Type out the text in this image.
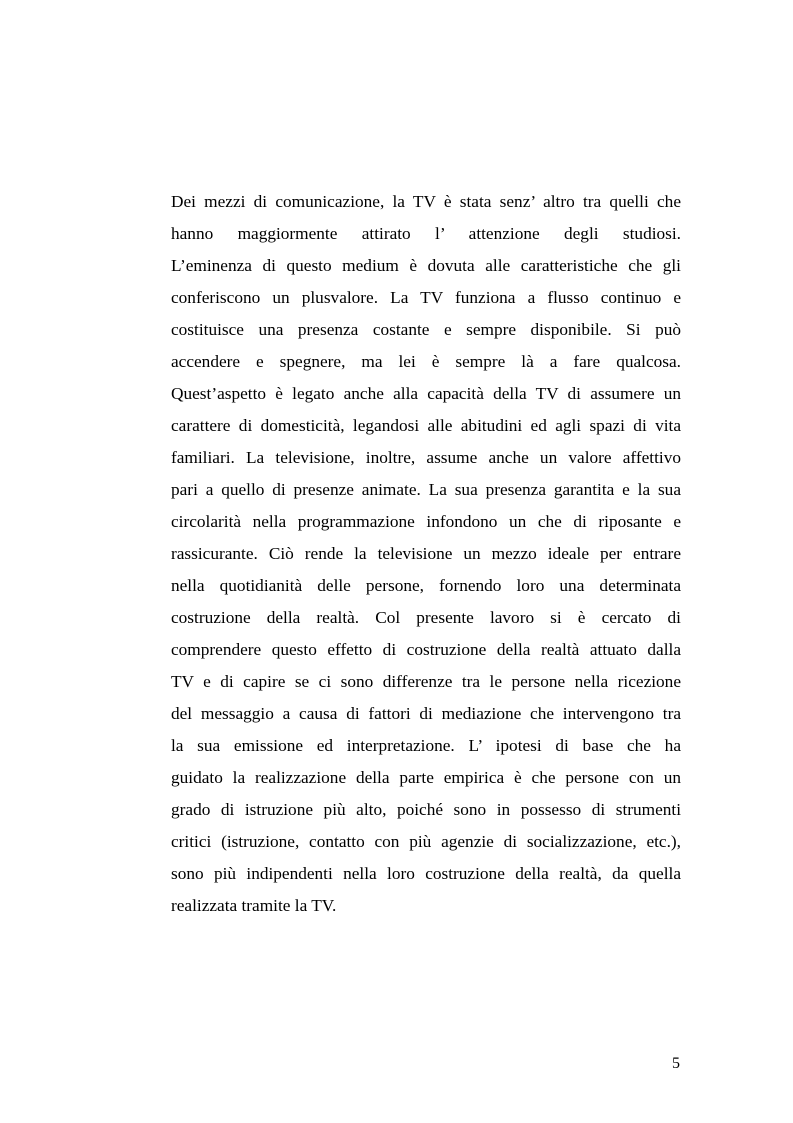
Dei mezzi di comunicazione, la TV è stata senz’ altro tra quelli che
hanno maggiormente attirato l’ attenzione degli studiosi.
L’eminenza di questo medium è dovuta alle caratteristiche che gli
conferiscono un plusvalore. La TV funziona a flusso continuo e
costituisce una presenza costante e sempre disponibile. Si può
accendere e spegnere, ma lei è sempre là a fare qualcosa.
Quest’aspetto è legato anche alla capacità della TV di assumere un
carattere di domesticità, legandosi alle abitudini ed agli spazi di vita
familiari. La televisione, inoltre, assume anche un valore affettivo
pari a quello di presenze animate. La sua presenza garantita e la sua
circolarità nella programmazione infondono un che di riposante e
rassicurante. Ciò rende la televisione un mezzo ideale per entrare
nella quotidianità delle persone, fornendo loro una determinata
costruzione della realtà. Col presente lavoro si è cercato di
comprendere questo effetto di costruzione della realtà attuato dalla
TV e di capire se ci sono differenze tra le persone nella ricezione
del messaggio a causa di fattori di mediazione che intervengono tra
la sua emissione ed interpretazione. L’ ipotesi di base che ha
guidato la realizzazione della parte empirica è che persone con un
grado di istruzione più alto, poiché sono in possesso di strumenti
critici (istruzione, contatto con più agenzie di socializzazione, etc.),
sono più indipendenti nella loro costruzione della realtà, da quella
realizzata tramite la TV.
5
